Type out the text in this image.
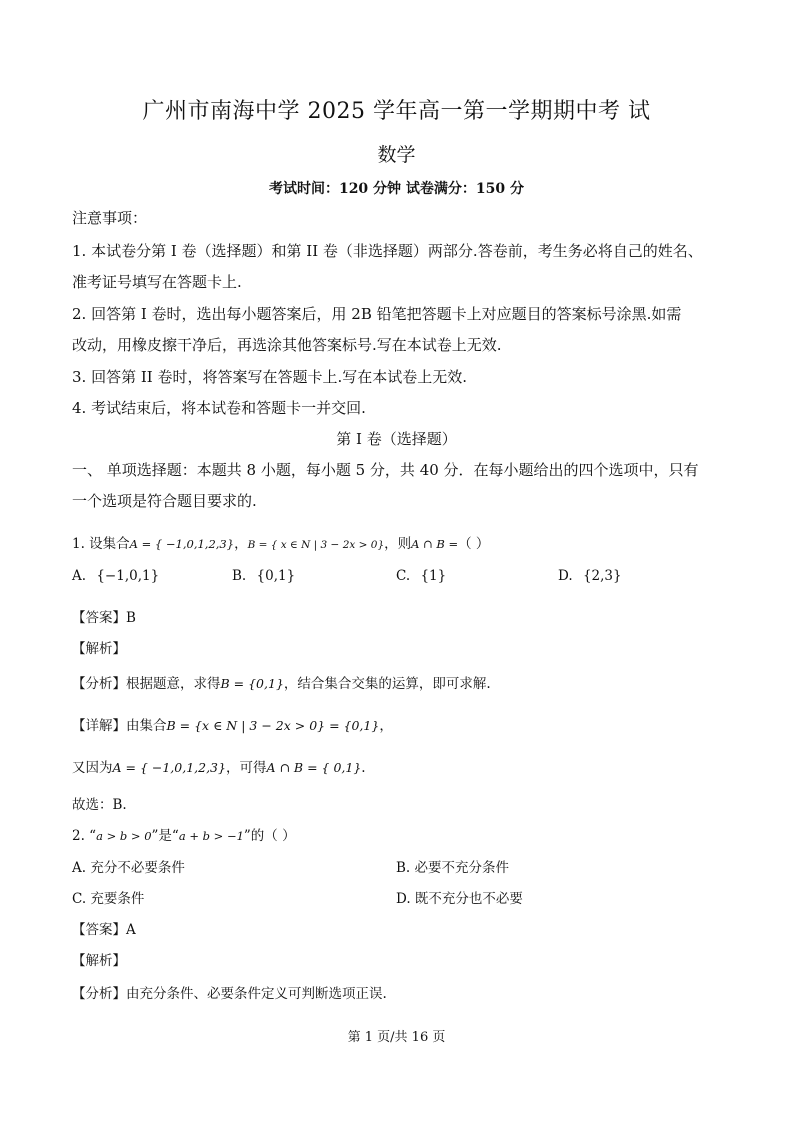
广州市南海中学 2025 学年高一第一学期期中考 试
数学
考试时间：120 分钟 试卷满分：150 分
注意事项：
1. 本试卷分第 I 卷（选择题）和第 II 卷（非选择题）两部分.答卷前，考生务必将自己的姓名、
准考证号填写在答题卡上.
2. 回答第 I 卷时，选出每小题答案后，用 2B 铅笔把答题卡上对应题目的答案标号涂黑.如需
改动，用橡皮擦干净后，再选涂其他答案标号.写在本试卷上无效.
3. 回答第 II 卷时，将答案写在答题卡上.写在本试卷上无效.
4. 考试结束后，将本试卷和答题卡一并交回.
第 I 卷（选择题）
一、 单项选择题：本题共 8 小题，每小题 5 分，共 40 分．在每小题给出的四个选项中，只有
一个选项是符合题目要求的.
1. 设集合A = { −1,0,1,2,3}，B = { x ∈ N | 3 − 2x > 0}，则A ∩ B =（ ）
A. {−1,0,1}	B. {0,1}	C. {1}	D. {2,3}
【答案】B
【解析】
【分析】根据题意，求得B = {0,1}，结合集合交集的运算，即可求解.
【详解】由集合B = {x ∈ N | 3 − 2x > 0} = {0,1}，
又因为A = { −1,0,1,2,3}，可得A ∩ B = { 0,1}.
故选：B.
2. “a > b > 0”是“a + b > −1”的（ ）
A. 充分不必要条件	B. 必要不充分条件
C. 充要条件	D. 既不充分也不必要
【答案】A
【解析】
【分析】由充分条件、必要条件定义可判断选项正误.
第 1 页/共 16 页
